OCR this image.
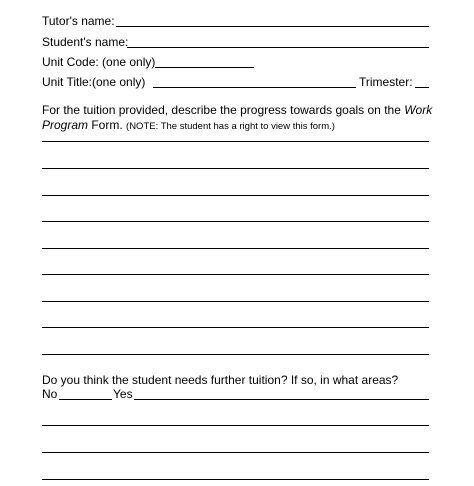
Tutor's name:
Student's name:
Unit Code: (one only)
Unit Title:(one only)	Trimester:
For the tuition provided, describe the progress towards goals on the Work Program Form. (NOTE: The student has a right to view this form.)
Do you think the student needs further tuition? If so, in what areas?
No	Yes
